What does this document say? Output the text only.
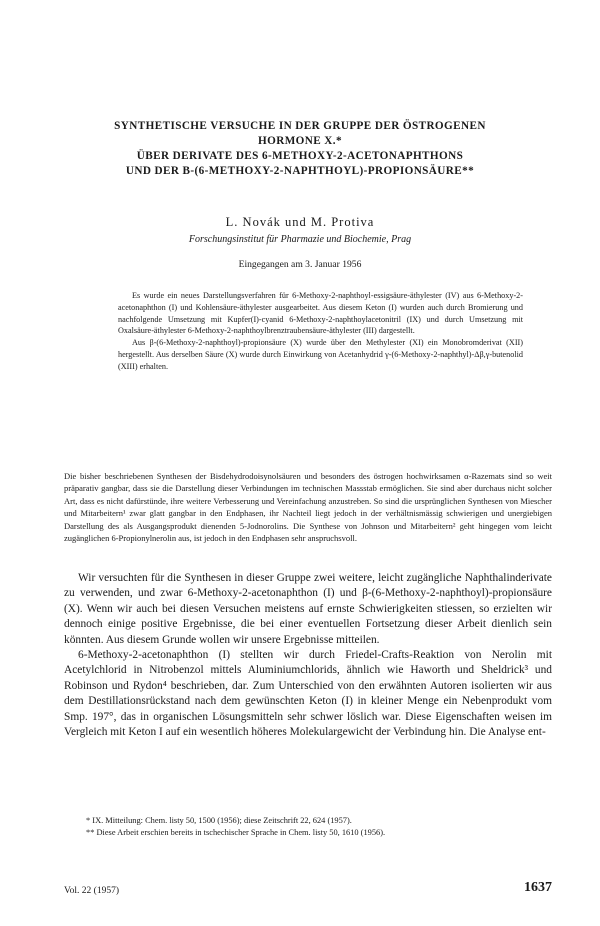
SYNTHETISCHE VERSUCHE IN DER GRUPPE DER ÖSTROGENEN
HORMONE X.*
ÜBER DERIVATE DES 6-METHOXY-2-ACETONAPHTHONS
UND DER Β-(6-METHOXY-2-NAPHTHOYL)-PROPIONSÄURE**
L. Novák und M. Protiva
Forschungsinstitut für Pharmazie und Biochemie, Prag
Eingegangen am 3. Januar 1956

Es wurde ein neues Darstellungsverfahren für 6-Methoxy-2-naphthoyl-essigsäure-äthylester (IV) aus 6-Methoxy-2-acetonaphthon (I) und Kohlensäure-äthylester ausgearbeitet. Aus diesem Keton (I) wurden auch durch Bromierung und nachfolgende Umsetzung mit Kupfer(I)-cyanid 6-Methoxy-2-naphthoylacetonitril (IX) und durch Umsetzung mit Oxalsäure-äthylester 6-Methoxy-2-naphthoylbrenztraubensäure-äthylester (III) dargestellt.

Aus β-(6-Methoxy-2-naphthoyl)-propionsäure (X) wurde über den Methylester (XI) ein Monobromderivat (XII) hergestellt. Aus derselben Säure (X) wurde durch Einwirkung von Acetanhydrid γ-(6-Methoxy-2-naphthyl)-Δβ,γ-butenolid (XIII) erhalten.

Die bisher beschriebenen Synthesen der Bisdehydrodoisynolsäuren und besonders des östrogen hochwirksamen α-Razemats sind so weit präparativ gangbar, dass sie die Darstellung dieser Verbindungen im technischen Massstab ermöglichen. Sie sind aber durchaus nicht solcher Art, dass es nicht dafürstünde, ihre weitere Verbesserung und Vereinfachung anzustreben. So sind die ursprünglichen Synthesen von Miescher und Mitarbeitern¹ zwar glatt gangbar in den Endphasen, ihr Nachteil liegt jedoch in der verhältnismässig schwierigen und unergiebigen Darstellung des als Ausgangsprodukt dienenden 5-Jodnorolins. Die Synthese von Johnson und Mitarbeitern² geht hingegen vom leicht zugänglichen 6-Propionylnerolin aus, ist jedoch in den Endphasen sehr anspruchsvoll.

Wir versuchten für die Synthesen in dieser Gruppe zwei weitere, leicht zugängliche Naphthalinderivate zu verwenden, und zwar 6-Methoxy-2-acetonaphthon (I) und β-(6-Methoxy-2-naphthoyl)-propionsäure (X). Wenn wir auch bei diesen Versuchen meistens auf ernste Schwierigkeiten stiessen, so erzielten wir dennoch einige positive Ergebnisse, die bei einer eventuellen Fortsetzung dieser Arbeit dienlich sein könnten. Aus diesem Grunde wollen wir unsere Ergebnisse mitteilen.

6-Methoxy-2-acetonaphthon (I) stellten wir durch Friedel-Crafts-Reaktion von Nerolin mit Acetylchlorid in Nitrobenzol mittels Aluminiumchlorids, ähnlich wie Haworth und Sheldrick³ und Robinson und Rydon⁴ beschrieben, dar. Zum Unterschied von den erwähnten Autoren isolierten wir aus dem Destillationsrückstand nach dem gewünschten Keton (I) in kleiner Menge ein Nebenprodukt vom Smp. 197°, das in organischen Lösungsmitteln sehr schwer löslich war. Diese Eigenschaften weisen im Vergleich mit Keton I auf ein wesentlich höheres Molekulargewicht der Verbindung hin. Die Analyse ent-

* IX. Mitteilung: Chem. listy 50, 1500 (1956); diese Zeitschrift 22, 624 (1957).

** Diese Arbeit erschien bereits in tschechischer Sprache in Chem. listy 50, 1610 (1956).

Vol. 22 (1957)	1637
